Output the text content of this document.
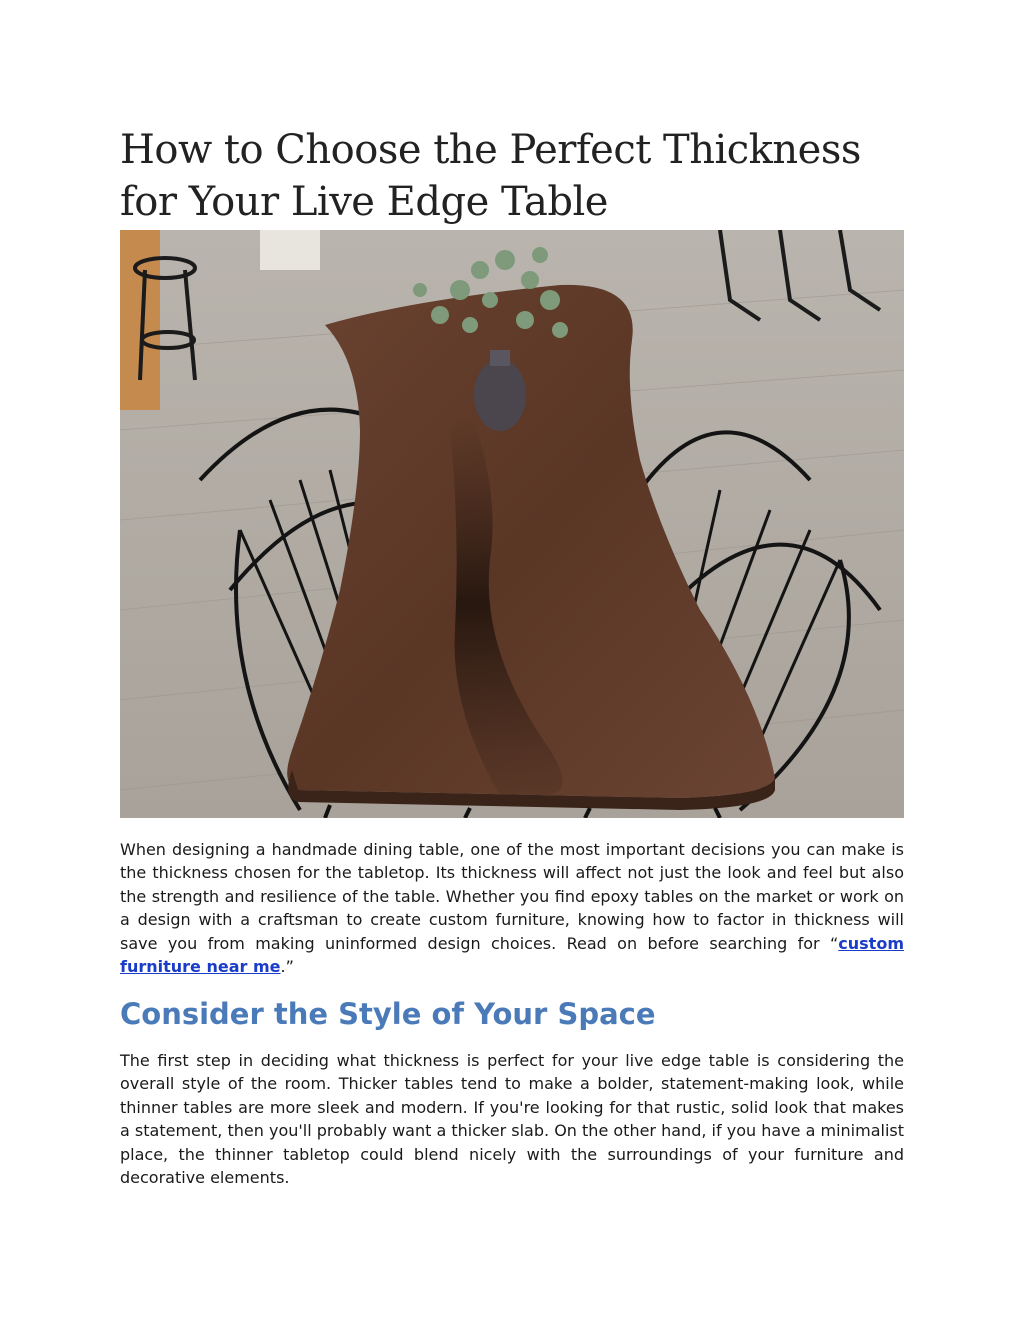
How to Choose the Perfect Thickness for Your Live Edge Table

When designing a handmade dining table, one of the most important decisions you can make is the thickness chosen for the tabletop. Its thickness will affect not just the look and feel but also the strength and resilience of the table. Whether you find epoxy tables on the market or work on a design with a craftsman to create custom furniture, knowing how to factor in thickness will save you from making uninformed design choices. Read on before searching for “custom furniture near me.”

Consider the Style of Your Space

The first step in deciding what thickness is perfect for your live edge table is considering the overall style of the room. Thicker tables tend to make a bolder, statement-making look, while thinner tables are more sleek and modern. If you're looking for that rustic, solid look that makes a statement, then you'll probably want a thicker slab. On the other hand, if you have a minimalist place, the thinner tabletop could blend nicely with the surroundings of your furniture and decorative elements.
